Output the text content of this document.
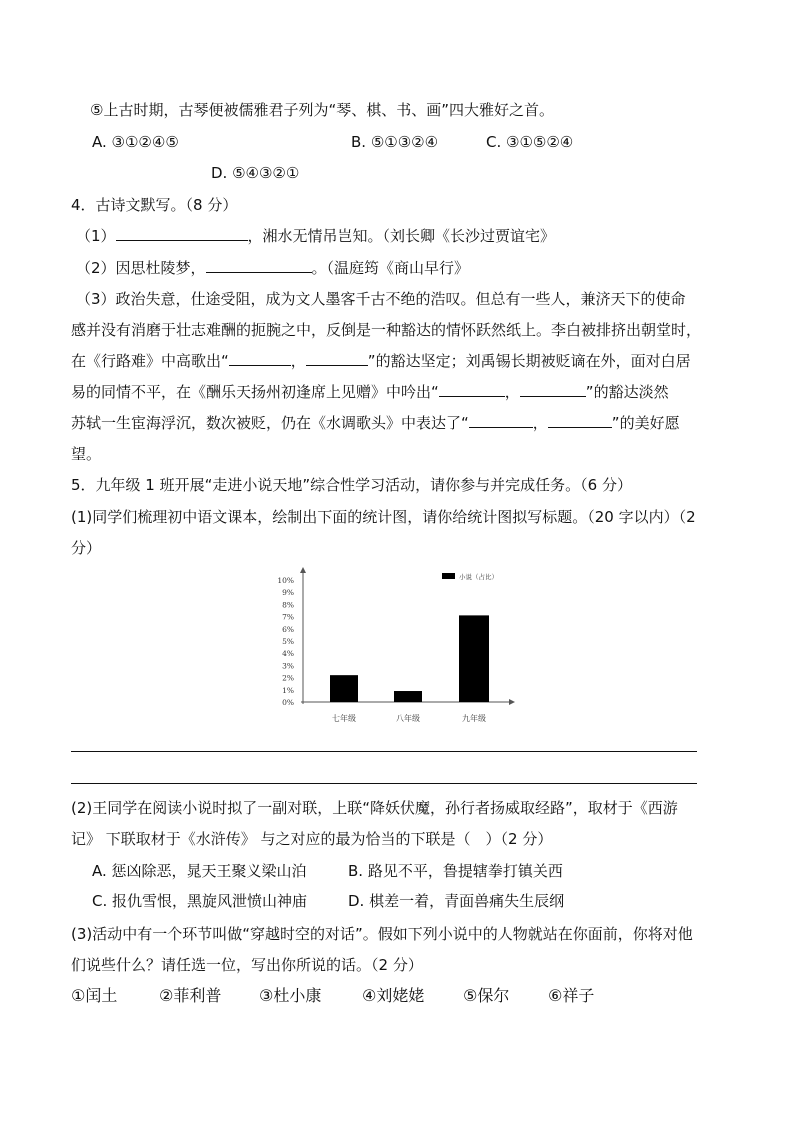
⑤上古时期，古琴便被儒雅君子列为“琴、棋、书、画”四大雅好之首。
A. ③①②④⑤	B. ⑤①③②④	C. ③①⑤②④
D. ⑤④③②①
4．古诗文默写。（8 分）
（1）	，湘水无情吊岂知。（刘长卿《长沙过贾谊宅》
（2）因思杜陵梦，	。（温庭筠《商山早行》
（3）政治失意，仕途受阻，成为文人墨客千古不绝的浩叹。但总有一些人，兼济天下的使命
感并没有消磨于壮志难酬的扼腕之中，反倒是一种豁达的情怀跃然纸上。李白被排挤出朝堂时，
在《行路难》中高歌出“	，	”的豁达坚定；刘禹锡长期被贬谪在外，面对白居
易的同情不平，在《酬乐天扬州初逢席上见赠》中吟出“	，	”的豁达淡然
苏轼一生宦海浮沉，数次被贬，仍在《水调歌头》中表达了“	，	”的美好愿
望。
5．九年级 1 班开展“走进小说天地”综合性学习活动，请你参与并完成任务。（6 分）
(1)同学们梳理初中语文课本，绘制出下面的统计图，请你给统计图拟写标题。（20 字以内）（2
分）
10%
9%
8%
7%
6%
5%
4%
3%
2%
1%
0%
七年级	八年级	九年级
小说（占比）
(2)王同学在阅读小说时拟了一副对联，上联“降妖伏魔，孙行者扬威取经路”，取材于《西游
记》 下联取材于《水浒传》 与之对应的最为恰当的下联是（　）（2 分）
A. 惩凶除恶，晁天王聚义梁山泊	B. 路见不平，鲁提辖拳打镇关西
C. 报仇雪恨，黑旋风泄愤山神庙	D. 棋差一着，青面兽痛失生辰纲
(3)活动中有一个环节叫做“穿越时空的对话”。假如下列小说中的人物就站在你面前，你将对他
们说些什么？请任选一位，写出你所说的话。（2 分）
①闰土	②菲利普 ③杜小康	④刘姥姥 ⑤保尔 ⑥祥子
